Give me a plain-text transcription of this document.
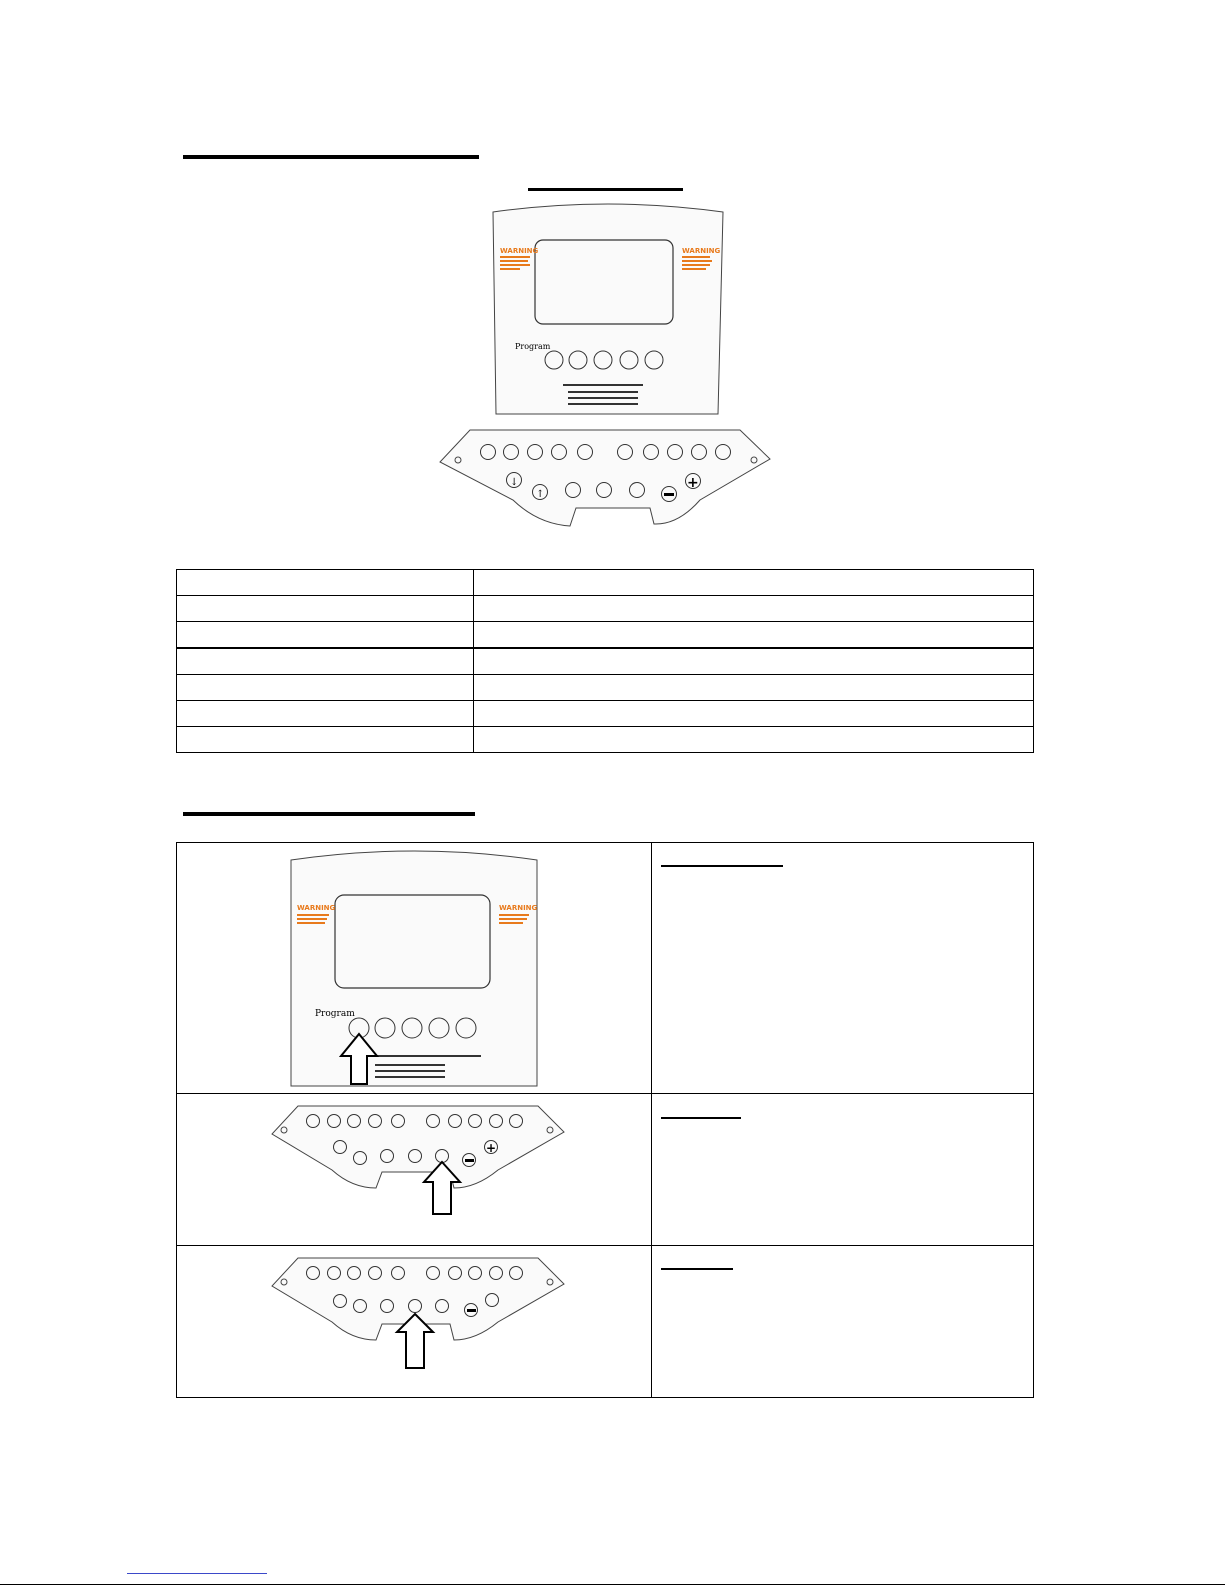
WARNING	WARNING
Program
↓
↑
+

WARNING	WARNING
Program
+
